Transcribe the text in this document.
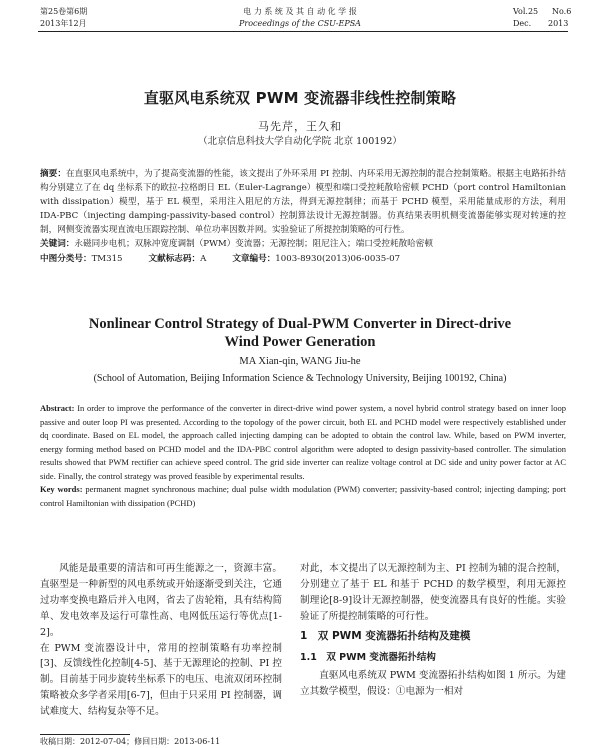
第25卷第6期
2013年12月
电 力 系 统 及 其 自 动 化 学 报
Proceedings of the CSU-EPSA
Vol.25 No.6
Dec. 2013
直驱风电系统双 PWM 变流器非线性控制策略
马先芹，王久和
（北京信息科技大学自动化学院 北京 100192）
摘要：在直驱风电系统中，为了提高变流器的性能，该文提出了外环采用 PI 控制、内环采用无源控制的混合控制策略。根据主电路拓扑结构分别建立了在 dq 坐标系下的欧拉-拉格朗日 EL（Euler-Lagrange）模型和端口受控耗散哈密顿 PCHD（port control Hamiltonian with dissipation）模型，基于 EL 模型，采用注入阻尼的方法，得到无源控制律；而基于 PCHD 模型，采用能量成形的方法，利用 IDA-PBC（injecting damping-passivity-based control）控制算法设计无源控制器。仿真结果表明机侧变流器能够实现对转速的控制，网侧变流器实现直流电压跟踪控制、单位功率因数并网。实验验证了所提控制策略的可行性。
关键词：永磁同步电机；双脉冲宽度调制（PWM）变流器；无源控制；阻尼注入；端口受控耗散哈密顿
中图分类号：TM315	文献标志码：A	文章编号：1003-8930(2013)06-0035-07
Nonlinear Control Strategy of Dual-PWM Converter in Direct-drive
Wind Power Generation
MA Xian-qin, WANG Jiu-he
(School of Automation, Beijing Information Science & Technology University, Beijing 100192, China)
Abstract: In order to improve the performance of the converter in direct-drive wind power system, a novel hybrid control strategy based on inner loop passive and outer loop PI was presented. According to the topology of the power circuit, both EL and PCHD model were respectively established under dq coordinate. Based on EL model, the approach called injecting damping can be adopted to obtain the control law. While, based on PWM inverter, energy forming method based on PCHD model and the IDA-PBC control algorithm were adopted to design passivity-based controller. The simulation results showed that PWM rectifier can achieve speed control. The grid side inverter can realize voltage control at DC side and unity power factor at AC side. Finally, the control strategy was proved feasible by experimental results.
Key words: permanent magnet synchronous machine; dual pulse width modulation (PWM) converter; passivity-based control; injecting damping; port control Hamiltonian with dissipation (PCHD)
风能是最重要的清洁和可再生能源之一，资源丰富。直驱型是一种新型的风电系统或开始逐渐受到关注，它通过功率变换电路后并入电网，省去了齿轮箱，具有结构简单、发电效率及运行可靠性高、电网低压运行等优点[1-2]。
在 PWM 变流器设计中，常用的控制策略有功率控制[3]、反馈线性化控制[4-5]、基于无源理论的控制、PI 控制。目前基于同步旋转坐标系下的电压、电流双闭环控制策略被众多学者采用[6-7]，但由于只采用 PI 控制器，调试难度大、结构复杂等不足。
对此，本文提出了以无源控制为主、PI 控制为辅的混合控制，分别建立了基于 EL 和基于 PCHD 的数学模型，利用无源控制理论[8-9]设计无源控制器，使变流器具有良好的性能。实验验证了所提控制策略的可行性。
1　双 PWM 变流器拓扑结构及建模
1.1　双 PWM 变流器拓扑结构
直驱风电系统双 PWM 变流器拓扑结构如图 1 所示。为建立其数学模型，假设：①电源为一相对
收稿日期：2012-07-04；修回日期：2013-06-11
